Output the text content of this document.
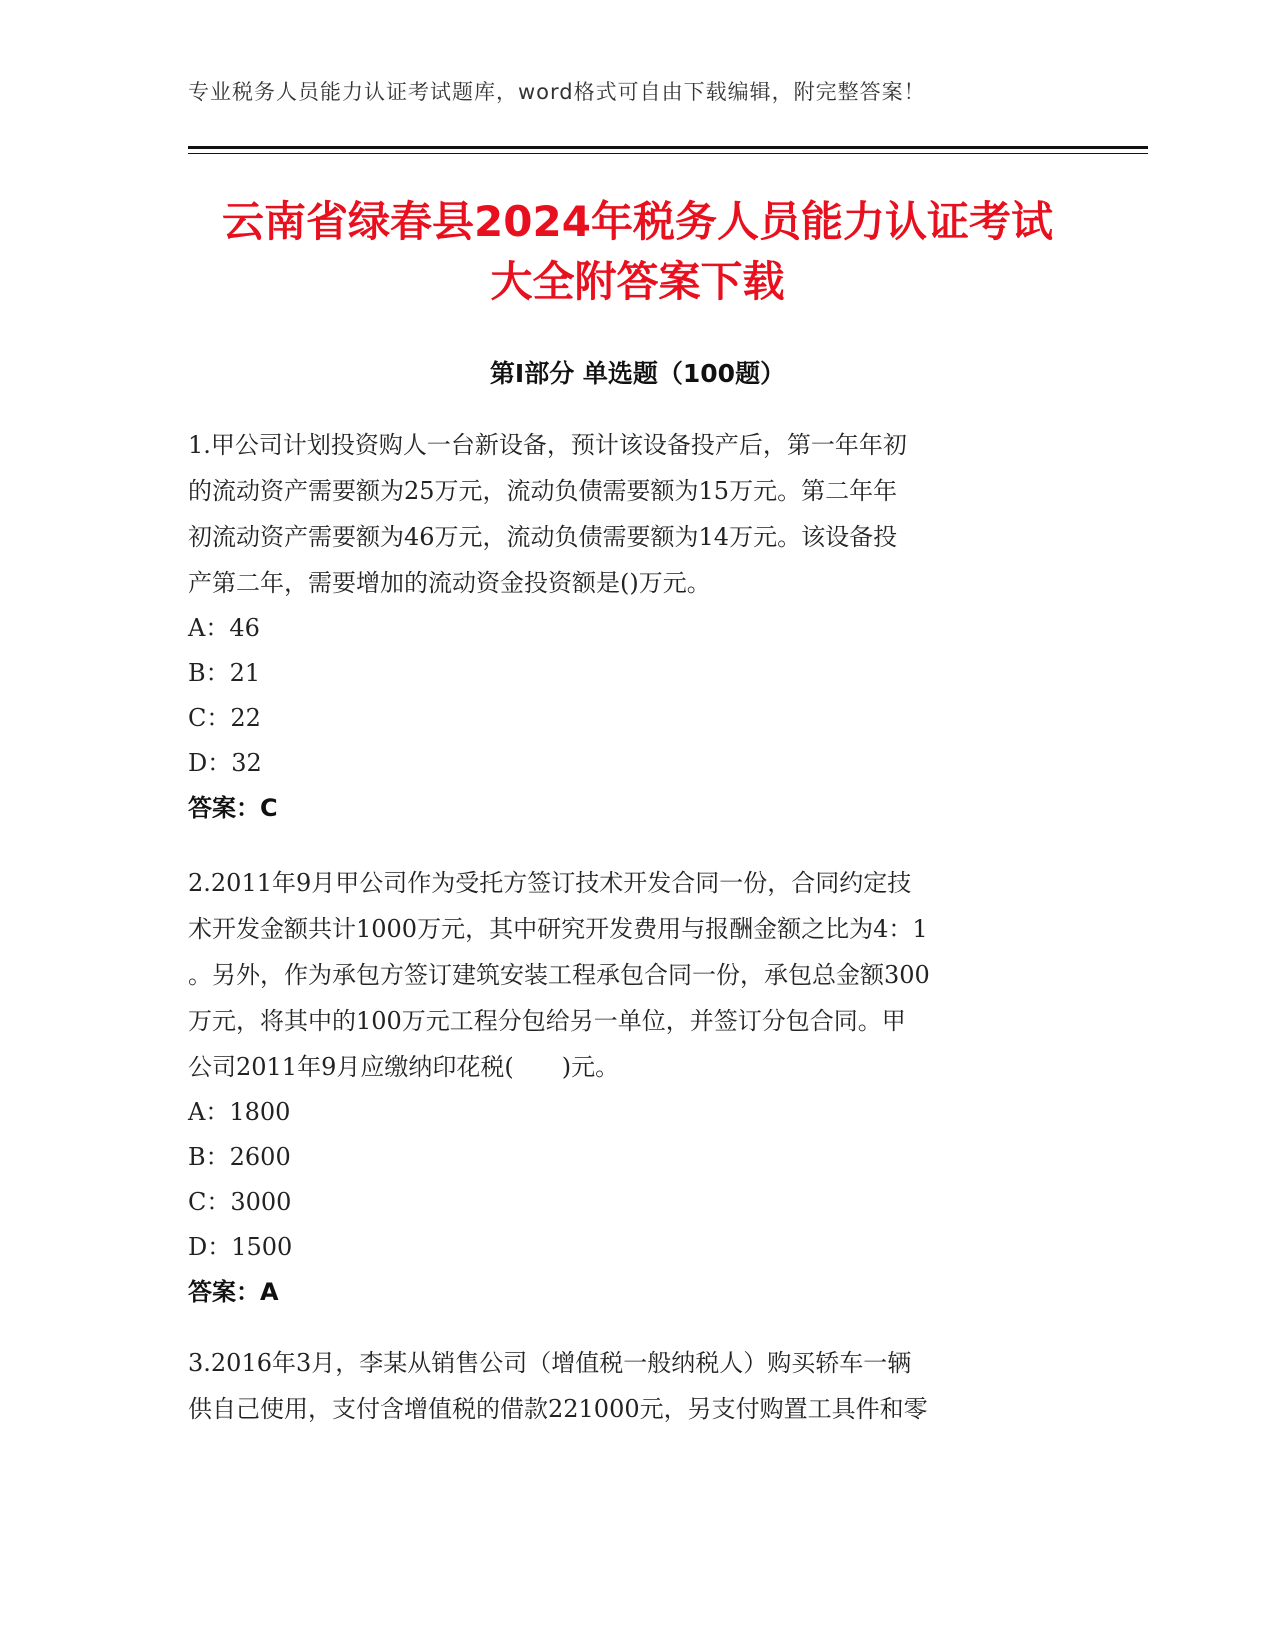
专业税务人员能力认证考试题库，word格式可自由下载编辑，附完整答案！
云南省绿春县2024年税务人员能力认证考试
大全附答案下载
第Ⅰ部分 单选题（100题）

1.甲公司计划投资购人一台新设备，预计该设备投产后，第一年年初
的流动资产需要额为25万元，流动负债需要额为15万元。第二年年
初流动资产需要额为46万元，流动负债需要额为14万元。该设备投
产第二年，需要增加的流动资金投资额是()万元。

A：46
B：21
C：22
D：32
答案：C

2.2011年9月甲公司作为受托方签订技术开发合同一份，合同约定技
术开发金额共计1000万元，其中研究开发费用与报酬金额之比为4：1
。另外，作为承包方签订建筑安装工程承包合同一份，承包总金额300
万元，将其中的100万元工程分包给另一单位，并签订分包合同。甲
公司2011年9月应缴纳印花税(　　)元。

A：1800
B：2600
C：3000
D：1500
答案：A

3.2016年3月，李某从销售公司（增值税一般纳税人）购买轿车一辆
供自己使用，支付含增值税的借款221000元，另支付购置工具件和零
